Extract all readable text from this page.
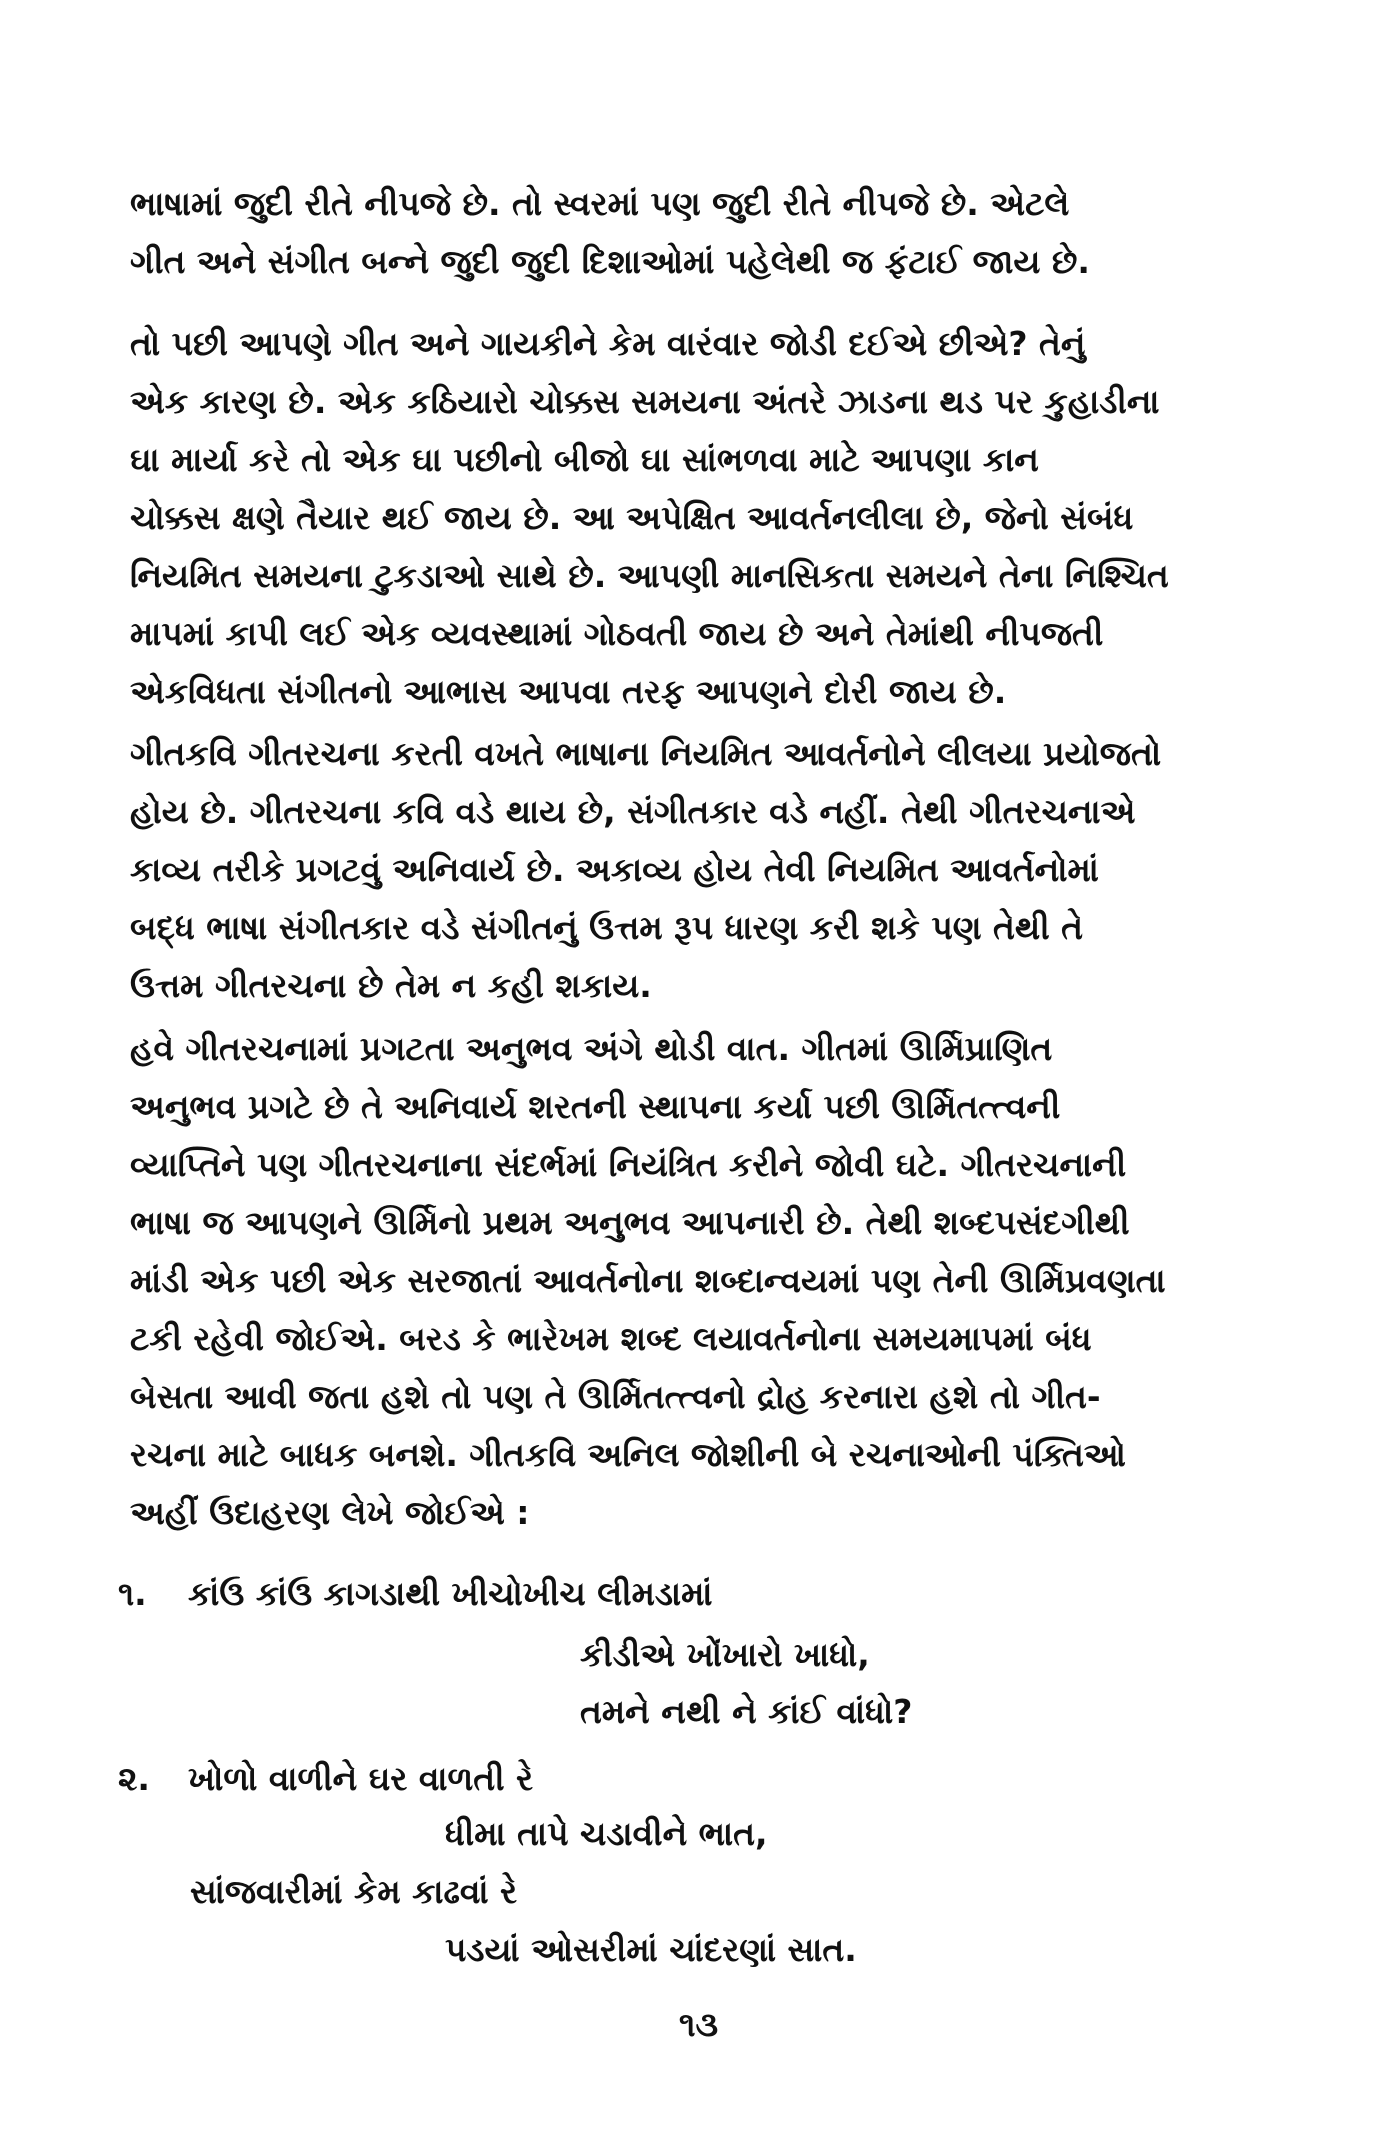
ભાષામાં જુદી રીતે નીપજે છે. તો સ્વરમાં પણ જુદી રીતે નીપજે છે. એટલે

ગીત અને સંગીત બન્ને જુદી જુદી દિશાઓમાં પહેલેથી જ ફંટાઈ જાય છે.

તો પછી આપણે ગીત અને ગાયકીને કેમ વારંવાર જોડી દઈએ છીએ? તેનું

એક કારણ છે. એક કઠિયારો ચોક્કસ સમયના અંતરે ઝાડના થડ પર કુહાડીના

ઘા માર્યા કરે તો એક ઘા પછીનો બીજો ઘા સાંભળવા માટે આપણા કાન

ચોક્કસ ક્ષણે તૈયાર થઈ જાય છે. આ અપેક્ષિત આવર્તનલીલા છે, જેનો સંબંધ

નિયમિત સમયના ટુકડાઓ સાથે છે. આપણી માનસિકતા સમયને તેના નિશ્ચિત

માપમાં કાપી લઈ એક વ્યવસ્થામાં ગોઠવતી જાય છે અને તેમાંથી નીપજતી

એકવિધતા સંગીતનો આભાસ આપવા તરફ આપણને દોરી જાય છે.

ગીતકવિ ગીતરચના કરતી વખતે ભાષાના નિયમિત આવર્તનોને લીલયા પ્રયોજતો

હોય છે. ગીતરચના કવિ વડે થાય છે, સંગીતકાર વડે નહીં. તેથી ગીતરચનાએ

કાવ્ય તરીકે પ્રગટવું અનિવાર્ય છે. અકાવ્ય હોય તેવી નિયમિત આવર્તનોમાં

બદ્ધ ભાષા સંગીતકાર વડે સંગીતનું ઉત્તમ રૂપ ધારણ કરી શકે પણ તેથી તે

ઉત્તમ ગીતરચના છે તેમ ન કહી શકાય.

હવે ગીતરચનામાં પ્રગટતા અનુભવ અંગે થોડી વાત. ગીતમાં ઊર્મિપ્રાણિત

અનુભવ પ્રગટે છે તે અનિવાર્ય શરતની સ્થાપના કર્યા પછી ઊર્મિતત્ત્વની

વ્યાપ્તિને પણ ગીતરચનાના સંદર્ભમાં નિયંત્રિત કરીને જોવી ઘટે. ગીતરચનાની

ભાષા જ આપણને ઊર્મિનો પ્રથમ અનુભવ આપનારી છે. તેથી શબ્દપસંદગીથી

માંડી એક પછી એક સરજાતાં આવર્તનોના શબ્દાન્વયમાં પણ તેની ઊર્મિપ્રવણતા

ટકી રહેવી જોઈએ. બરડ કે ભારેખમ શબ્દ લયાવર્તનોના સમયમાપમાં બંધ

બેસતા આવી જતા હશે તો પણ તે ઊર્મિતત્ત્વનો દ્રોહ કરનારા હશે તો ગીત-

રચના માટે બાધક બનશે. ગીતકવિ અનિલ જોશીની બે રચનાઓની પંક્તિઓ

અહીં ઉદાહરણ લેખે જોઈએ :

૧. કાંઉ કાંઉ કાગડાથી ખીચોખીચ લીમડામાં
કીડીએ ખોંખારો ખાધો,
તમને નથી ને કાંઈ વાંધો?
૨. ખોળો વાળીને ઘર વાળતી રે
ધીમા તાપે ચડાવીને ભાત,
સાંજવારીમાં કેમ કાઢવાં રે
પડયાં ઓસરીમાં ચાંદરણાં સાત.
૧૩
